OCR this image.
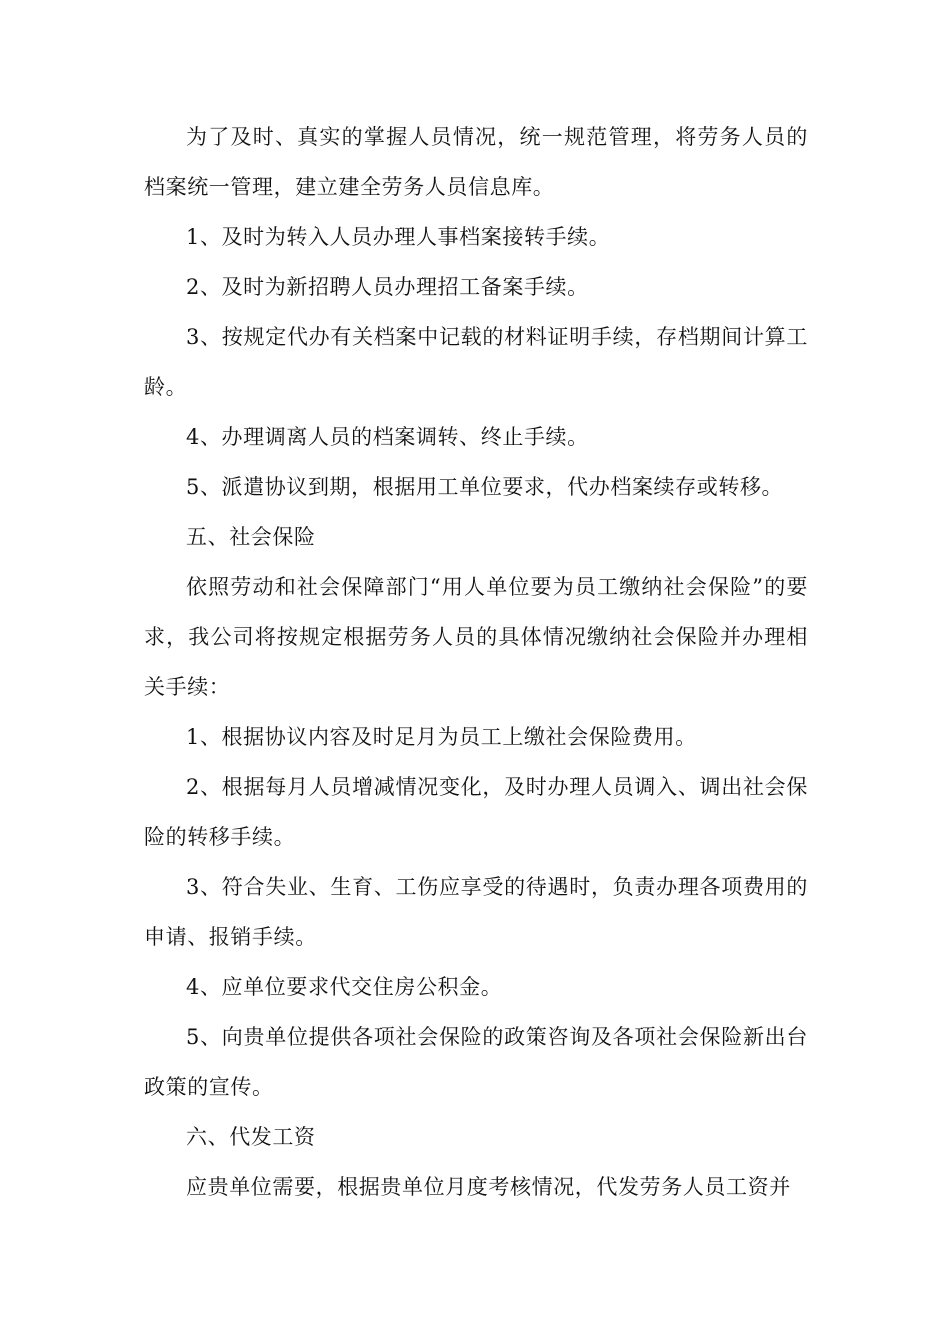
为了及时、真实的掌握人员情况，统一规范管理，将劳务人员的档案统一管理，建立建全劳务人员信息库。

1、及时为转入人员办理人事档案接转手续。

2、及时为新招聘人员办理招工备案手续。

3、按规定代办有关档案中记载的材料证明手续，存档期间计算工龄。

4、办理调离人员的档案调转、终止手续。

5、派遣协议到期，根据用工单位要求，代办档案续存或转移。

五、社会保险

依照劳动和社会保障部门“用人单位要为员工缴纳社会保险”的要求，我公司将按规定根据劳务人员的具体情况缴纳社会保险并办理相关手续：

1、根据协议内容及时足月为员工上缴社会保险费用。

2、根据每月人员增减情况变化，及时办理人员调入、调出社会保险的转移手续。

3、符合失业、生育、工伤应享受的待遇时，负责办理各项费用的申请、报销手续。

4、应单位要求代交住房公积金。

5、向贵单位提供各项社会保险的政策咨询及各项社会保险新出台政策的宣传。

六、代发工资

应贵单位需要，根据贵单位月度考核情况，代发劳务人员工资并
